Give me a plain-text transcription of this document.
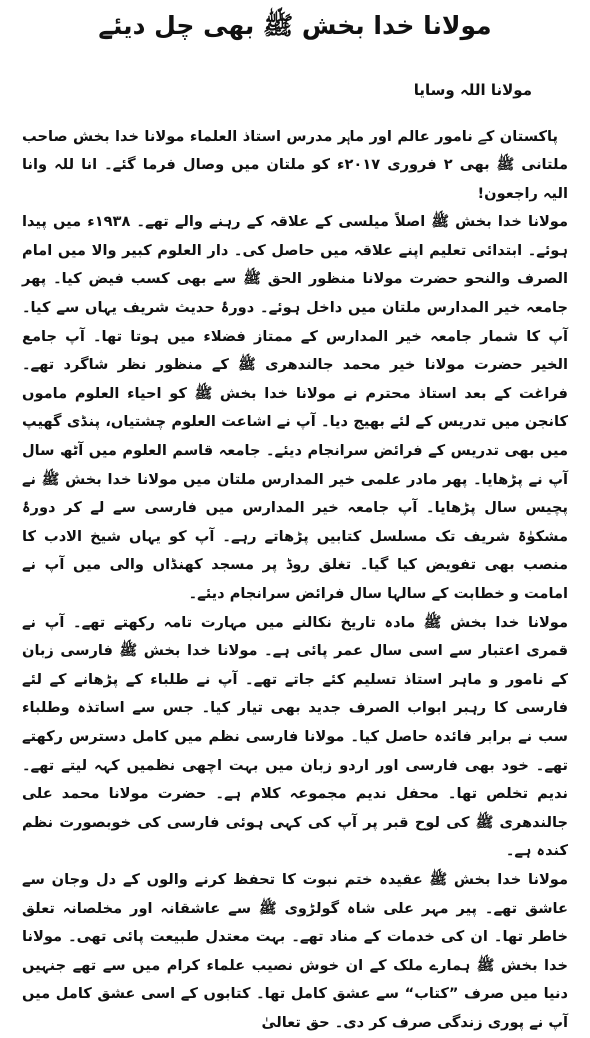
مولانا خدا بخش ﷺ بھی چل دیئے
مولانا اللہ وسایا

پاکستان کے نامور عالم اور ماہر مدرس استاذ العلماء مولانا خدا بخش صاحب ملتانی ﷺ بھی ۲ فروری ۲۰۱۷ء کو ملتان میں وصال فرما گئے۔ انا للہ وانا الیہ راجعون!

مولانا خدا بخش ﷺ اصلاً میلسی کے علاقہ کے رہنے والے تھے۔ ۱۹۳۸ء میں پیدا ہوئے۔ ابتدائی تعلیم اپنے علاقہ میں حاصل کی۔ دار العلوم کبیر والا میں امام الصرف والنحو حضرت مولانا منظور الحق ﷺ سے بھی کسب فیض کیا۔ پھر جامعہ خیر المدارس ملتان میں داخل ہوئے۔ دورۂ حدیث شریف یہاں سے کیا۔ آپ کا شمار جامعہ خیر المدارس کے ممتاز فضلاء میں ہوتا تھا۔ آپ جامع الخیر حضرت مولانا خیر محمد جالندھری ﷺ کے منظور نظر شاگرد تھے۔ فراغت کے بعد استاذ محترم نے مولانا خدا بخش ﷺ کو احیاء العلوم ماموں کانجن میں تدریس کے لئے بھیج دیا۔ آپ نے اشاعت العلوم چشتیاں، پنڈی گھیپ میں بھی تدریس کے فرائض سرانجام دیئے۔ جامعہ قاسم العلوم میں آٹھ سال آپ نے پڑھایا۔ پھر مادر علمی خیر المدارس ملتان میں مولانا خدا بخش ﷺ نے پچیس سال پڑھایا۔ آپ جامعہ خیر المدارس میں فارسی سے لے کر دورۂ مشکوٰۃ شریف تک مسلسل کتابیں پڑھاتے رہے۔ آپ کو یہاں شیخ الادب کا منصب بھی تفویض کیا گیا۔ تغلق روڈ پر مسجد کھنڈاں والی میں آپ نے امامت و خطابت کے سالہا سال فرائض سرانجام دیئے۔

مولانا خدا بخش ﷺ مادہ تاریخ نکالنے میں مہارت تامہ رکھتے تھے۔ آپ نے قمری اعتبار سے اسی سال عمر پائی ہے۔ مولانا خدا بخش ﷺ فارسی زبان کے نامور و ماہر استاذ تسلیم کئے جاتے تھے۔ آپ نے طلباء کے پڑھانے کے لئے فارسی کا رہبر ابواب الصرف جدید بھی تیار کیا۔ جس سے اساتذہ وطلباء سب نے برابر فائدہ حاصل کیا۔ مولانا فارسی نظم میں کامل دسترس رکھتے تھے۔ خود بھی فارسی اور اردو زبان میں بہت اچھی نظمیں کہہ لیتے تھے۔ ندیم تخلص تھا۔ محفل ندیم مجموعہ کلام ہے۔ حضرت مولانا محمد علی جالندھری ﷺ کی لوح قبر پر آپ کی کہی ہوئی فارسی کی خوبصورت نظم کندہ ہے۔

مولانا خدا بخش ﷺ عقیدہ ختم نبوت کا تحفظ کرنے والوں کے دل وجان سے عاشق تھے۔ پیر مہر علی شاہ گولڑوی ﷺ سے عاشقانہ اور مخلصانہ تعلق خاطر تھا۔ ان کی خدمات کے مناد تھے۔ بہت معتدل طبیعت پائی تھی۔ مولانا خدا بخش ﷺ ہمارے ملک کے ان خوش نصیب علماء کرام میں سے تھے جنہیں دنیا میں صرف ”کتاب“ سے عشق کامل تھا۔ کتابوں کے اسی عشق کامل میں آپ نے پوری زندگی صرف کر دی۔ حق تعالیٰ
